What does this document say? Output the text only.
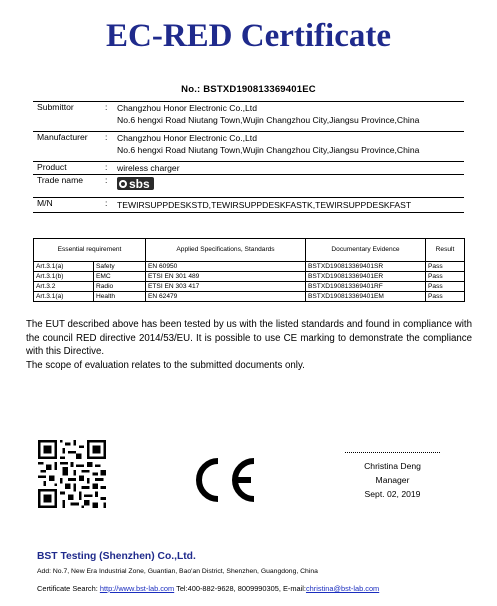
EC-RED Certificate
No.: BSTXD190813369401EC
Submittor	:	Changzhou Honor Electronic Co.,Ltd
No.6 hengxi Road Niutang Town,Wujin Changzhou City,Jiangsu Province,China
Manufacturer	:	Changzhou Honor Electronic Co.,Ltd
No.6 hengxi Road Niutang Town,Wujin Changzhou City,Jiangsu Province,China
Product	:	wireless charger
Trade name	:	sbs
M/N	:	TEWIRSUPPDESKSTD,TEWIRSUPPDESKFASTK,TEWIRSUPPDESKFAST
Essential requirement		Applied Specifications, Standards	Documentary Evidence	Result
Art.3.1(a)	Safety	EN 60950	BSTXD190813369401SR	Pass
Art.3.1(b)	EMC	ETSI EN 301 489	BSTXD190813369401ER	Pass
Art.3.2	Radio	ETSI EN 303 417	BSTXD190813369401RF	Pass
Art.3.1(a)	Health	EN 62479	BSTXD190813369401EM	Pass
The EUT described above has been tested by us with the listed standards and found in compliance with the council RED directive 2014/53/EU. It is possible to use CE marking to demonstrate the compliance with this Directive.
The scope of evaluation relates to the submitted documents only.
Christina Deng
Manager
Sept. 02, 2019
BST Testing (Shenzhen) Co.,Ltd.
Add: No.7, New Era Industrial Zone, Guantian, Bao'an District, Shenzhen, Guangdong, China
Certificate Search: http://www.bst-lab.com Tel:400-882-9628, 8009990305, E-mail:christina@bst-lab.com
